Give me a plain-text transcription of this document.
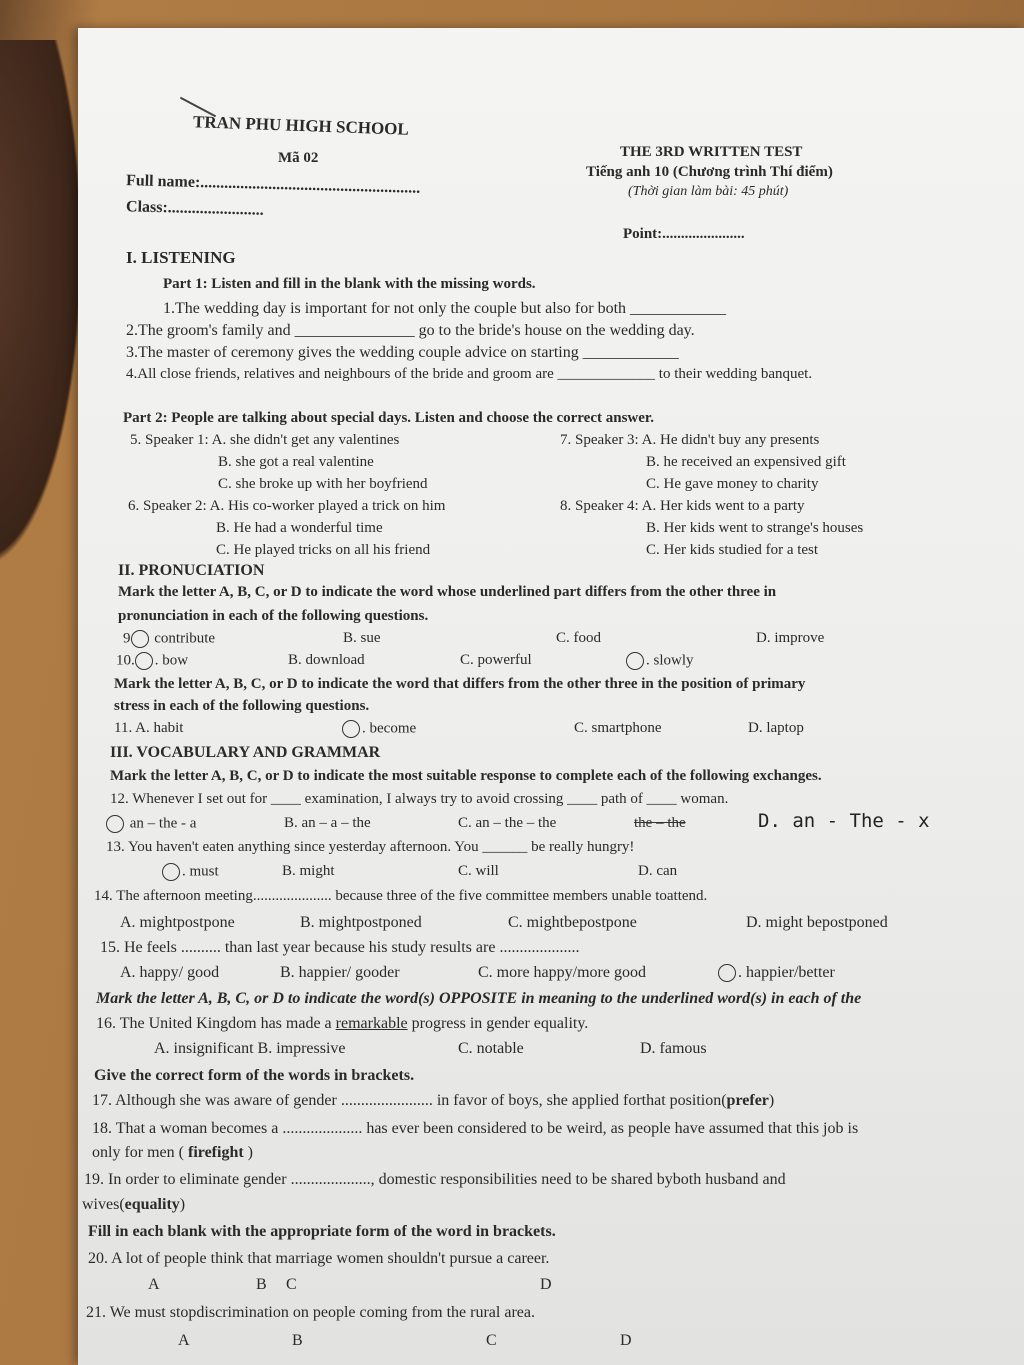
TRAN PHU HIGH SCHOOL
Mã 02	THE 3RD WRITTEN TEST
Tiếng anh 10 (Chương trình Thí điểm)
(Thời gian làm bài: 45 phút)
Full name:.......................................................
Class:........................
Point:......................
I. LISTENING
Part 1: Listen and fill in the blank with the missing words.
1.The wedding day is important for not only the couple but also for both ____________
2.The groom's family and _______________ go to the bride's house on the wedding day.
3.The master of ceremony gives the wedding couple advice on starting ____________
4.All close friends, relatives and neighbours of the bride and groom are _____________ to their wedding banquet.
Part 2: People are talking about special days. Listen and choose the correct answer.
5. Speaker 1: A. she didn't get any valentines
B. she got a real valentine
C. she broke up with her boyfriend
6. Speaker 2: A. His co-worker played a trick on him
B. He had a wonderful time
C. He played tricks on all his friend
7. Speaker 3: A. He didn't buy any presents
B. he received an expensived gift
C. He gave money to charity
8. Speaker 4: A. Her kids went to a party
B. Her kids went to strange's houses
C. Her kids studied for a test
II. PRONUCIATION
Mark the letter A, B, C, or D to indicate the word whose underlined part differs from the other three in
pronunciation in each of the following questions.
9 contribute	B. sue	C. food	D. improve
10. . bow	B. download	C. powerful	. slowly
Mark the letter A, B, C, or D to indicate the word that differs from the other three in the position of primary
stress in each of the following questions.
11. A. habit	. become	C. smartphone	D. laptop
III. VOCABULARY AND GRAMMAR
Mark the letter A, B, C, or D to indicate the most suitable response to complete each of the following exchanges.
12. Whenever I set out for ____ examination, I always try to avoid crossing ____ path of ____ woman.
an – the - a	B. an – a – the	C. an – the – the	the – the	D. an - The - x
13. You haven't eaten anything since yesterday afternoon. You ______ be really hungry!
. must	B. might	C. will	D. can
14. The afternoon meeting..................... because three of the five committee members unable toattend.
A. mightpostpone	B. mightpostponed	C. mightbepostpone	D. might bepostponed
15. He feels .......... than last year because his study results are ....................
A. happy/ good	B. happier/ gooder	C. more happy/more good	. happier/better
Mark the letter A, B, C, or D to indicate the word(s) OPPOSITE in meaning to the underlined word(s) in each of the
16. The United Kingdom has made a remarkable progress in gender equality.
A. insignificant B. impressive	C. notable	D. famous
Give the correct form of the words in brackets.
17. Although she was aware of gender ....................... in favor of boys, she applied forthat position(prefer)
18. That a woman becomes a .................... has ever been considered to be weird, as people have assumed that this job is
only for men ( firefight )
19. In order to eliminate gender ...................., domestic responsibilities need to be shared byboth husband and
wives(equality)
Fill in each blank with the appropriate form of the word in brackets.
20. A lot of people think that marriage women shouldn't pursue a career.
A	B C	D
21. We must stopdiscrimination on people coming from the rural area.
A	B	C	D
